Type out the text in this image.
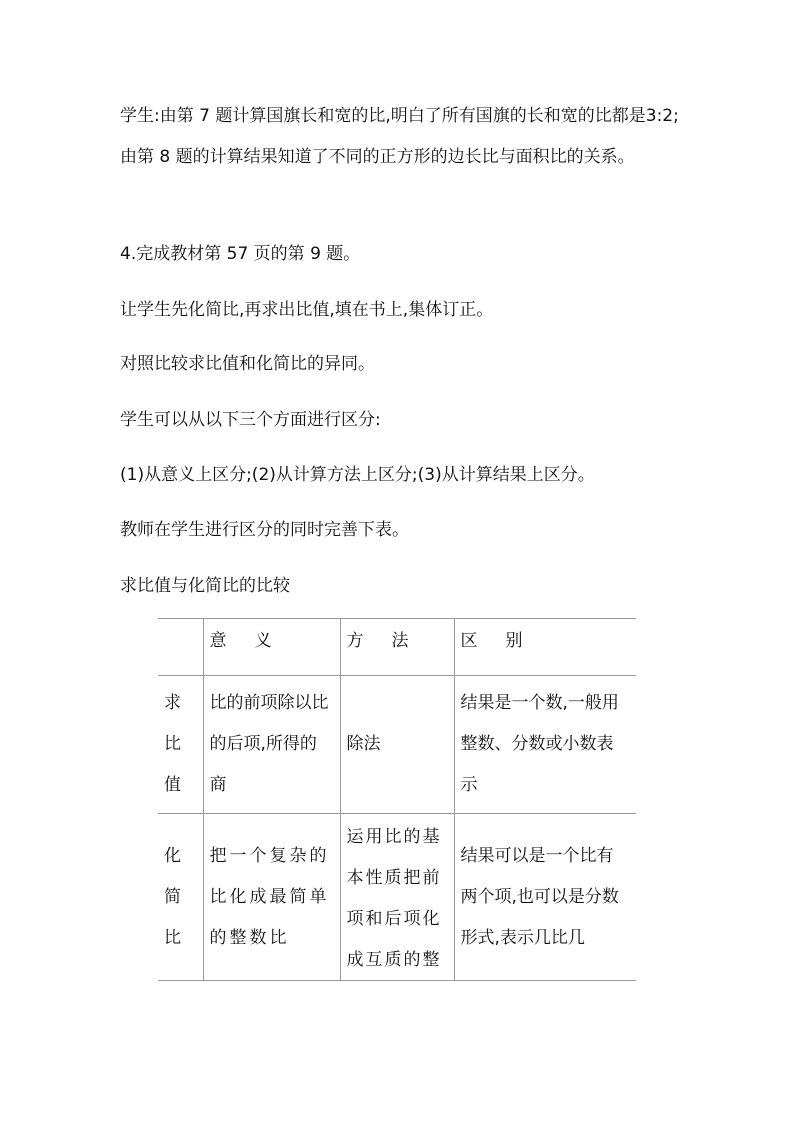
学生:由第 7 题计算国旗长和宽的比,明白了所有国旗的长和宽的比都是3:2;由第 8 题的计算结果知道了不同的正方形的边长比与面积比的关系。

4.完成教材第 57 页的第 9 题。

让学生先化简比,再求出比值,填在书上,集体订正。

对照比较求比值和化简比的异同。

学生可以从以下三个方面进行区分:

(1)从意义上区分;(2)从计算方法上区分;(3)从计算结果上区分。

教师在学生进行区分的同时完善下表。

求比值与化简比的比较

	意义	方法	区别

求比值	比的前项除以比的后项,所得的商	除法	结果是一个数,一般用整数、分数或小数表示

化简比	把一个复杂的比化成最简单的整数比	运用比的基本性质把前项和后项化成互质的整	结果可以是一个比有两个项,也可以是分数形式,表示几比几
